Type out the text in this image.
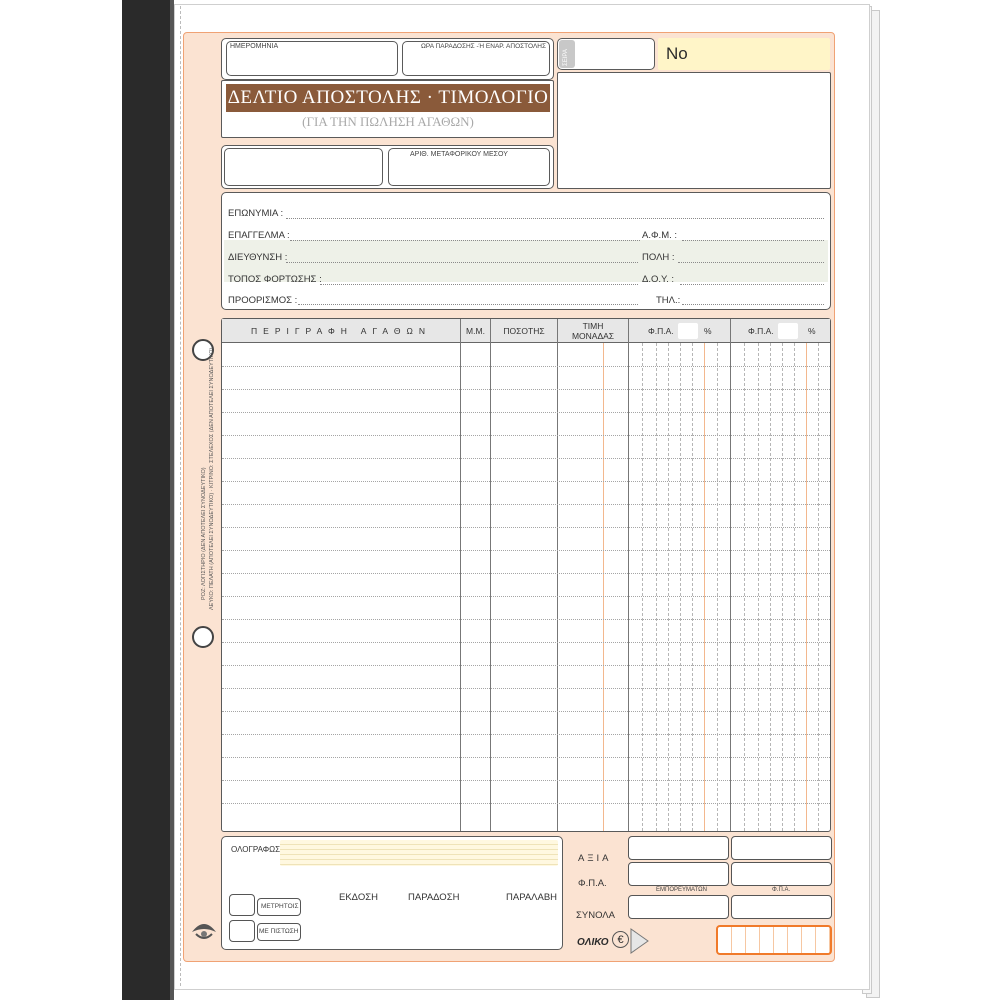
ΡΟΖ: ΛΟΓΙΣΤΗΡΙΟ (ΔΕΝ ΑΠΟΤΕΛΕΙ ΣΥΝΟΔΕΥΤΙΚΟ) ΛΕΥΚΟ: ΠΕΛΑΤΗ (ΑΠΟΤΕΛΕΙ ΣΥΝΟΔΕΥΤΙΚΟ) · ΚΙΤΡΙΝΟ: ΣΤΕΛΕΧΟΣ (ΔΕΝ ΑΠΟΤΕΛΕΙ ΣΥΝΟΔΕΥΤΙΚΟ)
ΗΜΕΡΟΜΗΝΙΑ	ΩΡΑ ΠΑΡΑΔΟΣΗΣ -Ή ΕΝΑΡ. ΑΠΟΣΤΟΛΗΣ
ΔΕΛΤΙΟ ΑΠΟΣΤΟΛΗΣ · ΤΙΜΟΛΟΓΙΟ
(ΓΙΑ ΤΗΝ ΠΩΛΗΣΗ ΑΓΑΘΩΝ)
ΑΡΙΘ. ΜΕΤΑΦΟΡΙΚΟΥ ΜΕΣΟΥ
ΣΕΙΡΑ	No
ΕΠΩΝΥΜΙΑ :
ΕΠΑΓΓΕΛΜΑ :	Α.Φ.Μ. :
ΔΙΕΥΘΥΝΣΗ :	ΠΟΛΗ :
ΤΟΠΟΣ ΦΟΡΤΩΣΗΣ :	Δ.Ο.Υ. :
ΠΡΟΟΡΙΣΜΟΣ :	ΤΗΛ.:
ΠΕΡΙΓΡΑΦΗ ΑΓΑΘΩΝ	Μ.Μ.	ΠΟΣΟΤΗΣ	ΤΙΜΗ
ΜΟΝΑΔΑΣ	Φ.Π.Α.	%	Φ.Π.Α.	%
ΟΛΟΓΡΑΦΩΣ
ΕΚΔΟΣΗ	ΠΑΡΑΔΟΣΗ	ΠΑΡΑΛΑΒΗ
ΜΕΤΡΗΤΟΙΣ
ΜΕ ΠΙΣΤΩΣΗ
ΑΞΙΑ
Φ.Π.Α.
ΣΥΝΟΛΑ
ΕΜΠΟΡΕΥΜΑΤΩΝ	Φ.Π.Α.
ΟΛΙΚΟ €
